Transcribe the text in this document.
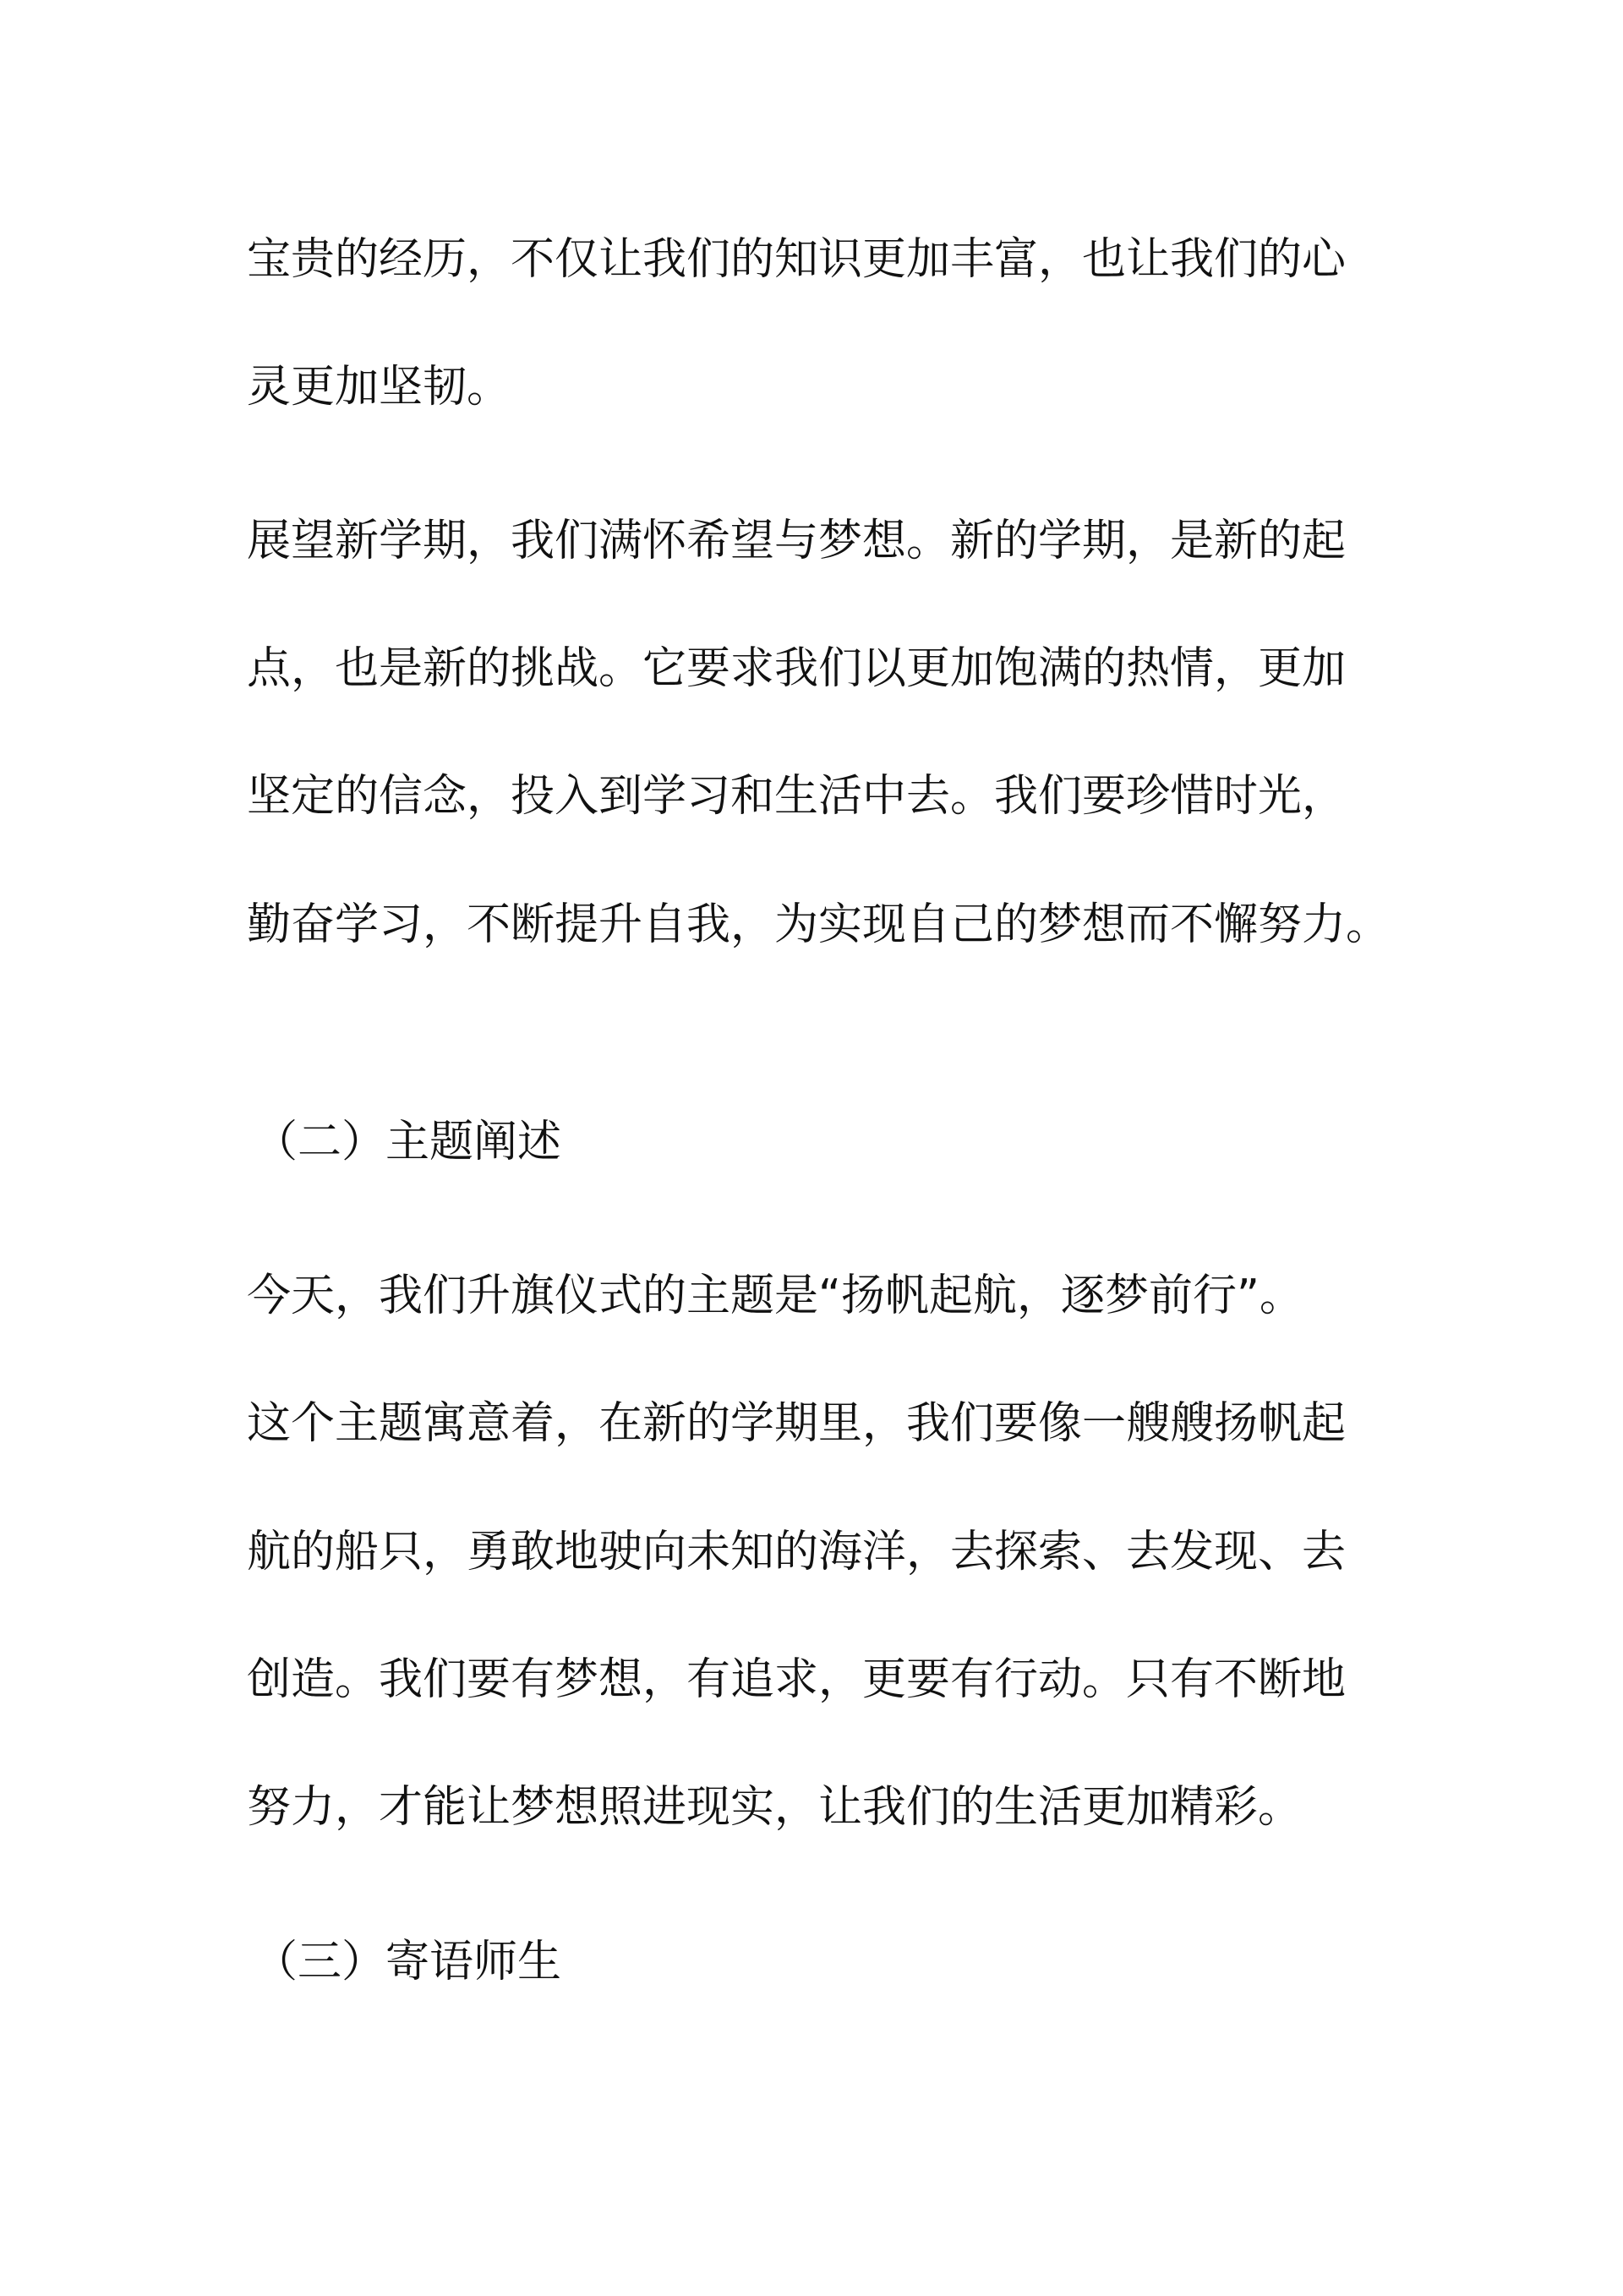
宝贵的经历，不仅让我们的知识更加丰富，也让我们的心

灵更加坚韧。

展望新学期，我们满怀希望与梦想。新的学期，是新的起

点，也是新的挑战。它要求我们以更加饱满的热情，更加

坚定的信念，投入到学习和生活中去。我们要珍惜时光，

勤奋学习，不断提升自我，为实现自己的梦想而不懈努力。

（二）主题阐述

今天，我们升旗仪式的主题是“扬帆起航，逐梦前行”。

这个主题寓意着，在新的学期里，我们要像一艘艘扬帆起

航的船只，勇敢地驶向未知的海洋，去探索、去发现、去

创造。我们要有梦想，有追求，更要有行动。只有不断地

努力，才能让梦想照进现实，让我们的生活更加精彩。

（三）寄语师生
